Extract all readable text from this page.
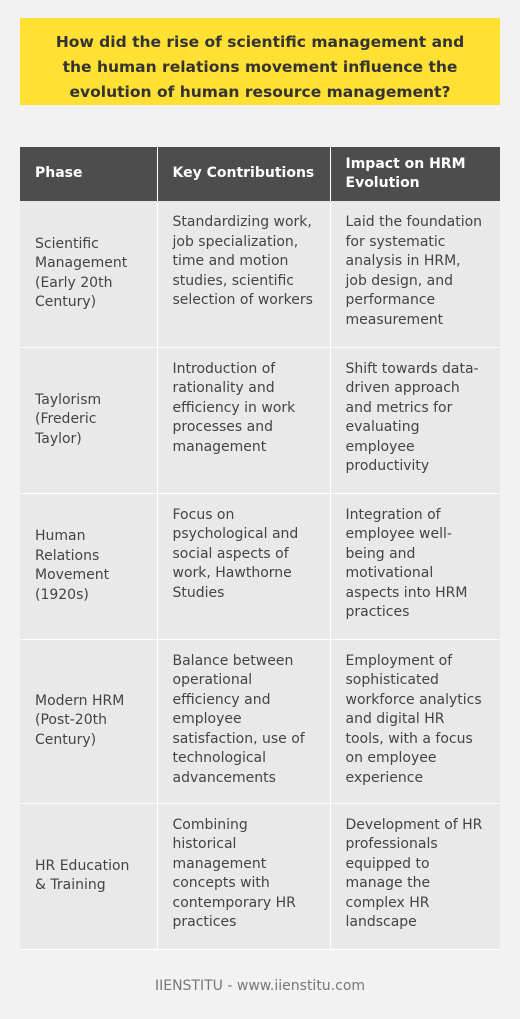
How did the rise of scientific management and the human relations movement influence the evolution of human resource management?
Phase	Key Contributions	Impact on HRM Evolution
Scientific Management (Early 20th Century)	Standardizing work, job specialization, time and motion studies, scientific selection of workers	Laid the foundation for systematic analysis in HRM, job design, and performance measurement
Taylorism (Frederic Taylor)	Introduction of rationality and efficiency in work processes and management	Shift towards data-driven approach and metrics for evaluating employee productivity
Human Relations Movement (1920s)	Focus on psychological and social aspects of work, Hawthorne Studies	Integration of employee well-being and motivational aspects into HRM practices
Modern HRM (Post-20th Century)	Balance between operational efficiency and employee satisfaction, use of technological advancements	Employment of sophisticated workforce analytics and digital HR tools, with a focus on employee experience
HR Education & Training	Combining historical management concepts with contemporary HR practices	Development of HR professionals equipped to manage the complex HR landscape
IIENSTITU - www.iienstitu.com
